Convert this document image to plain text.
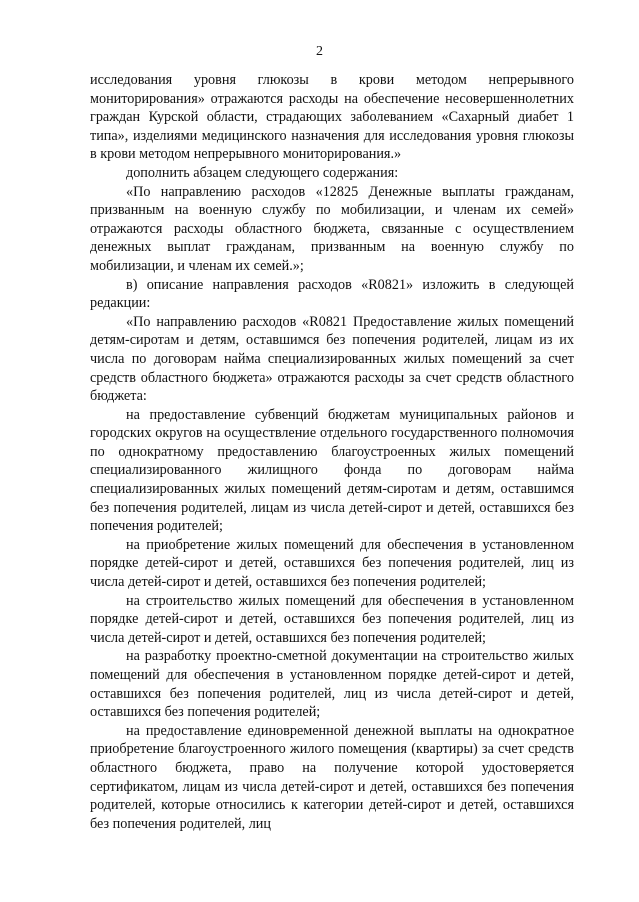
2

исследования уровня глюкозы в крови методом непрерывного мониторирования» отражаются расходы на обеспечение несовершеннолетних граждан Курской области, страдающих заболеванием «Сахарный диабет 1 типа», изделиями медицинского назначения для исследования уровня глюкозы в крови методом непрерывного мониторирования.»

дополнить абзацем следующего содержания:

«По направлению расходов «12825 Денежные выплаты гражданам, призванным на военную службу по мобилизации, и членам их семей» отражаются расходы областного бюджета, связанные с осуществлением денежных выплат гражданам, призванным на военную службу по мобилизации, и членам их семей.»;

в) описание направления расходов «R0821» изложить в следующей редакции:

«По направлению расходов «R0821 Предоставление жилых помещений детям-сиротам и детям, оставшимся без попечения родителей, лицам из их числа по договорам найма специализированных жилых помещений за счет средств областного бюджета» отражаются расходы за счет средств областного бюджета:

на предоставление субвенций бюджетам муниципальных районов и городских округов на осуществление отдельного государственного полномочия по однократному предоставлению благоустроенных жилых помещений специализированного жилищного фонда по договорам найма специализированных жилых помещений детям-сиротам и детям, оставшимся без попечения родителей, лицам из числа детей-сирот и детей, оставшихся без попечения родителей;

на приобретение жилых помещений для обеспечения в установленном порядке детей-сирот и детей, оставшихся без попечения родителей, лиц из числа детей-сирот и детей, оставшихся без попечения родителей;

на строительство жилых помещений для обеспечения в установленном порядке детей-сирот и детей, оставшихся без попечения родителей, лиц из числа детей-сирот и детей, оставшихся без попечения родителей;

на разработку проектно-сметной документации на строительство жилых помещений для обеспечения в установленном порядке детей-сирот и детей, оставшихся без попечения родителей, лиц из числа детей-сирот и детей, оставшихся без попечения родителей;

на предоставление единовременной денежной выплаты на однократное приобретение благоустроенного жилого помещения (квартиры) за счет средств областного бюджета, право на получение которой удостоверяется сертификатом, лицам из числа детей-сирот и детей, оставшихся без попечения родителей, которые относились к категории детей-сирот и детей, оставшихся без попечения родителей, лиц
